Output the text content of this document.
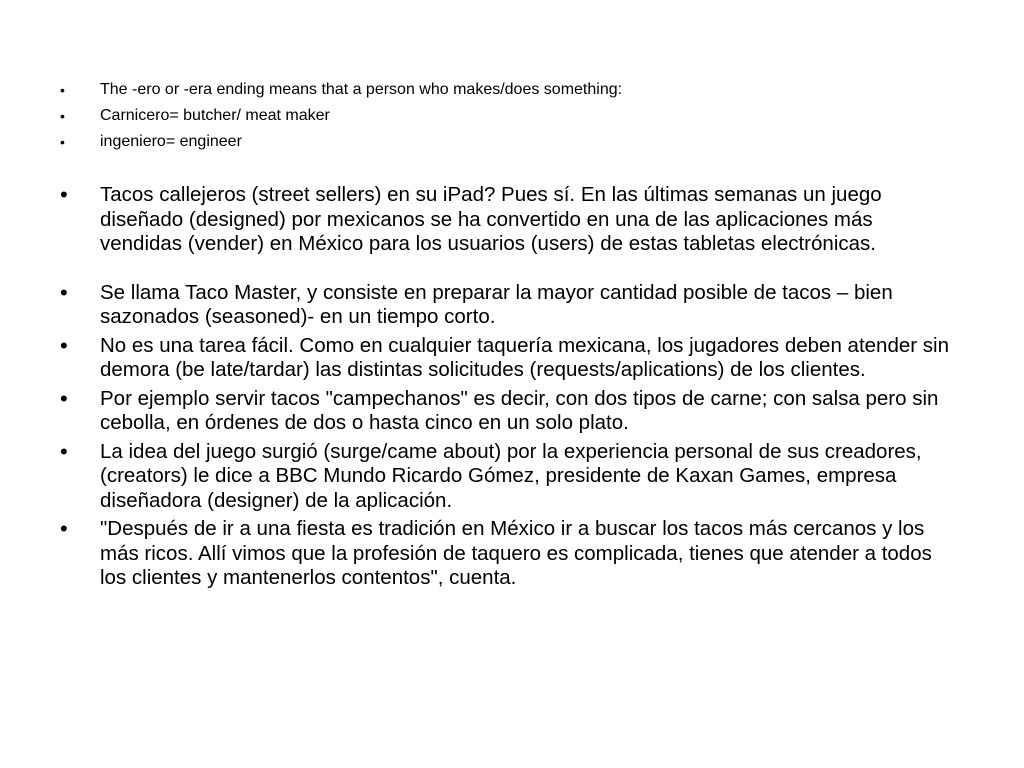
• The -ero or -era ending means that a person who makes/does something:
• Carnicero= butcher/ meat maker
• ingeniero= engineer
• Tacos callejeros (street sellers) en su iPad? Pues sí. En las últimas semanas un juego diseñado (designed) por mexicanos se ha convertido en una de las aplicaciones más vendidas (vender) en México para los usuarios (users) de estas tabletas electrónicas.
• Se llama Taco Master, y consiste en preparar la mayor cantidad posible de tacos – bien sazonados (seasoned)- en un tiempo corto.
• No es una tarea fácil. Como en cualquier taquería mexicana, los jugadores deben atender sin demora (be late/tardar) las distintas solicitudes (requests/aplications) de los clientes.
• Por ejemplo servir tacos "campechanos" es decir, con dos tipos de carne; con salsa pero sin cebolla, en órdenes de dos o hasta cinco en un solo plato.
• La idea del juego surgió (surge/came about) por la experiencia personal de sus creadores, (creators) le dice a BBC Mundo Ricardo Gómez, presidente de Kaxan Games, empresa diseñadora (designer) de la aplicación.
• "Después de ir a una fiesta es tradición en México ir a buscar los tacos más cercanos y los más ricos. Allí vimos que la profesión de taquero es complicada, tienes que atender a todos los clientes y mantenerlos contentos", cuenta.
